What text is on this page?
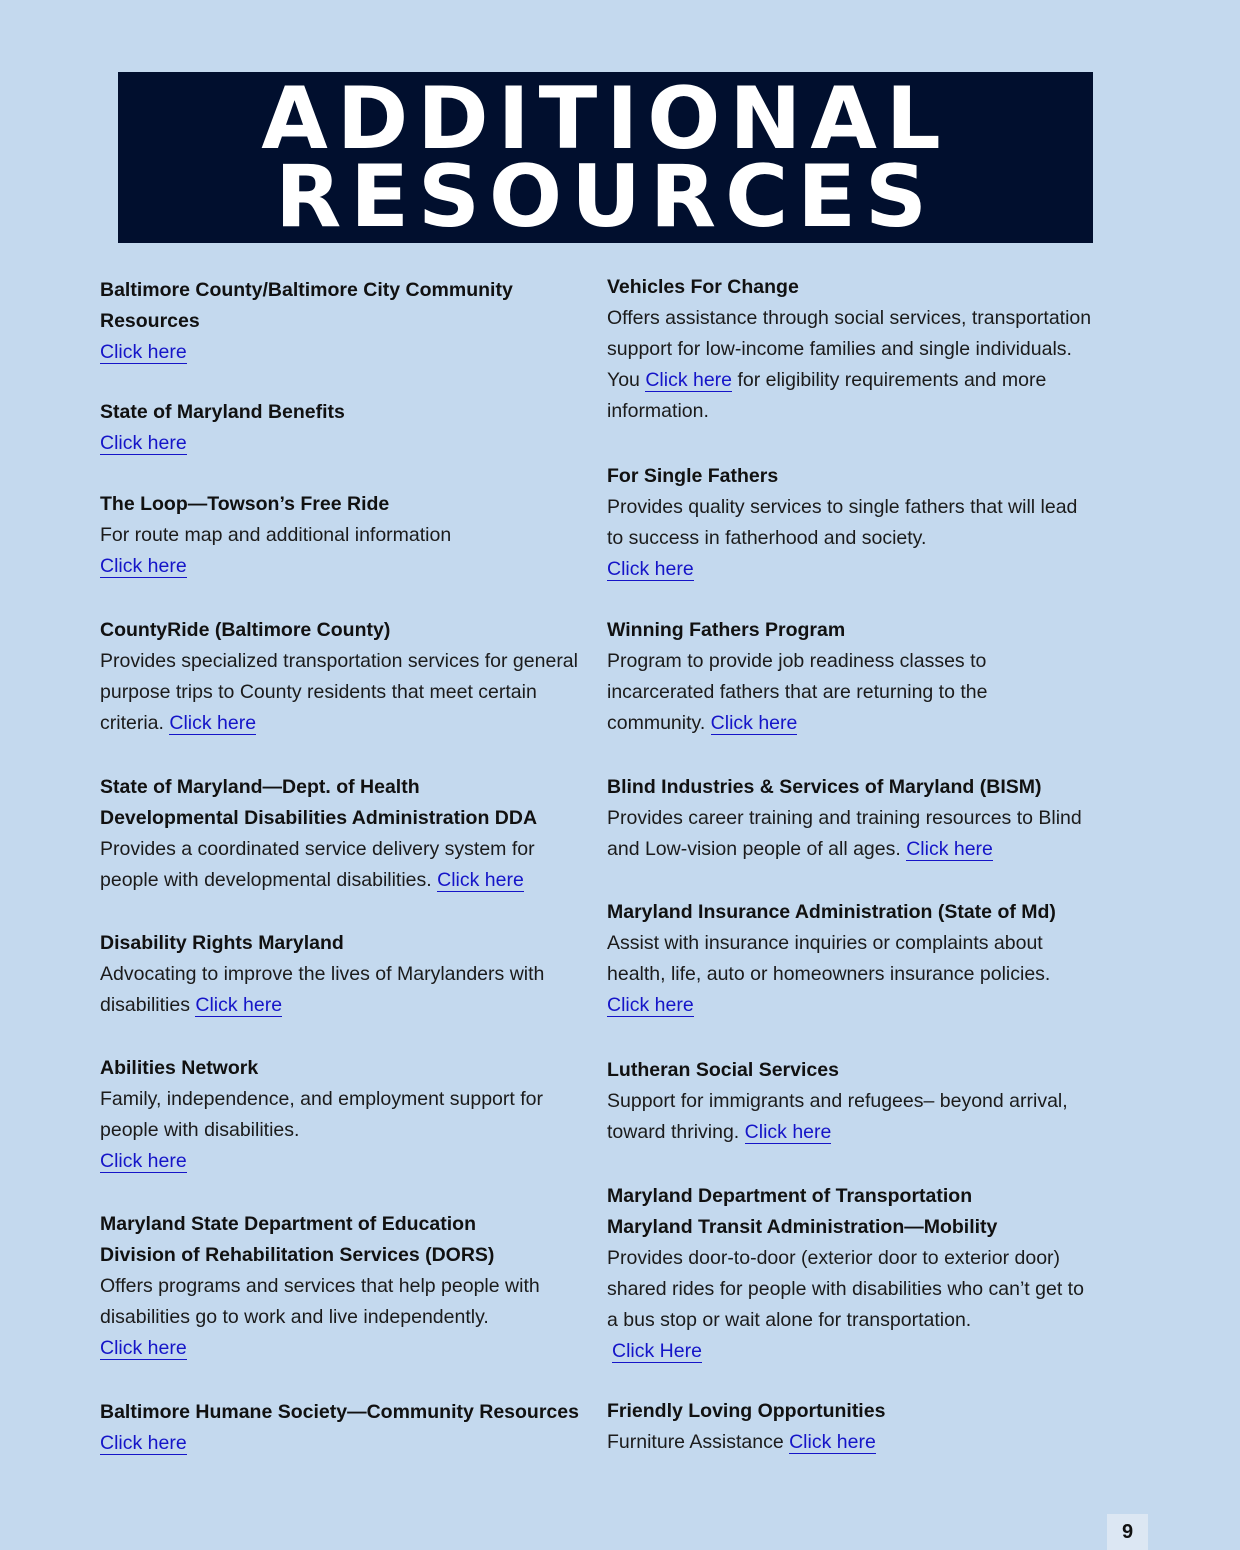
ADDITIONAL
RESOURCES
Baltimore County/Baltimore City Community
Resources
Click here
State of Maryland Benefits
Click here
The Loop—Towson’s Free Ride
For route map and additional information
Click here
CountyRide (Baltimore County)
Provides specialized transportation services for general
purpose trips to County residents that meet certain
criteria. Click here
State of Maryland—Dept. of Health
Developmental Disabilities Administration DDA
Provides a coordinated service delivery system for
people with developmental disabilities. Click here
Disability Rights Maryland
Advocating to improve the lives of Marylanders with
disabilities Click here
Abilities Network
Family, independence, and employment support for
people with disabilities.
Click here
Maryland State Department of Education
Division of Rehabilitation Services (DORS)
Offers programs and services that help people with
disabilities go to work and live independently.
Click here
Baltimore Humane Society—Community Resources
Click here
Vehicles For Change
Offers assistance through social services, transportation
support for low-income families and single individuals.
You Click here for eligibility requirements and more
information.
For Single Fathers
Provides quality services to single fathers that will lead
to success in fatherhood and society.
Click here
Winning Fathers Program
Program to provide job readiness classes to
incarcerated fathers that are returning to the
community. Click here
Blind Industries & Services of Maryland (BISM)
Provides career training and training resources to Blind
and Low-vision people of all ages. Click here
Maryland Insurance Administration (State of Md)
Assist with insurance inquiries or complaints about
health, life, auto or homeowners insurance policies.
Click here
Lutheran Social Services
Support for immigrants and refugees– beyond arrival,
toward thriving. Click here
Maryland Department of Transportation
Maryland Transit Administration—Mobility
Provides door-to-door (exterior door to exterior door)
shared rides for people with disabilities who can’t get to
a bus stop or wait alone for transportation.
Click Here
Friendly Loving Opportunities
Furniture Assistance Click here
9
